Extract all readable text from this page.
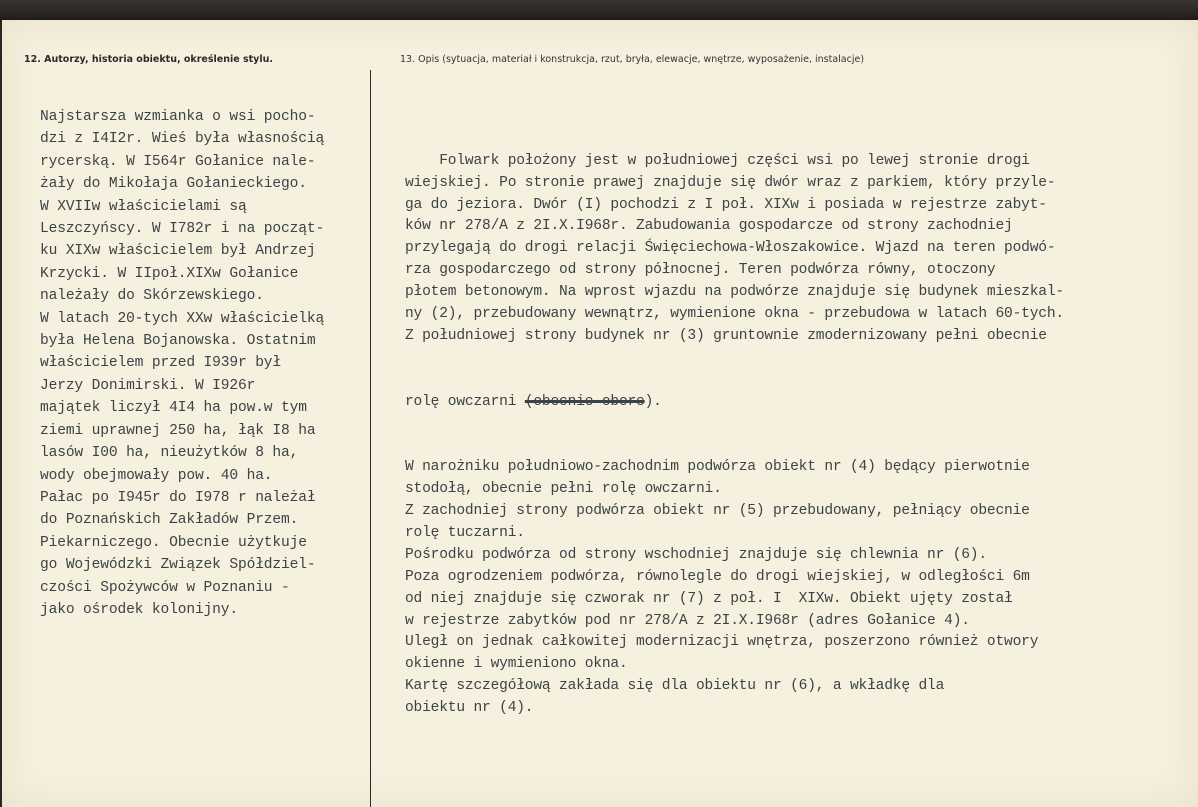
12. Autorzy, historia obiektu, określenie stylu.	13. Opis (sytuacja, materiał i konstrukcja, rzut, bryła, elewacje, wnętrze, wyposażenie, instalacje)
Najstarsza wzmianka o wsi pocho-
dzi z I4I2r. Wieś była własnością
rycerską. W I564r Gołanice nale-
żały do Mikołaja Gołanieckiego.
W XVIIw właścicielami są
Leszczyńscy. W I782r i na począt-
ku XIXw właścicielem był Andrzej
Krzycki. W IIpoł.XIXw Gołanice
należały do Skórzewskiego.
W latach 20-tych XXw właścicielką
była Helena Bojanowska. Ostatnim
właścicielem przed I939r był
Jerzy Donimirski. W I926r
majątek liczył 4I4 ha pow.w tym
ziemi uprawnej 250 ha, łąk I8 ha
lasów I00 ha, nieużytków 8 ha,
wody obejmowały pow. 40 ha.
Pałac po I945r do I978 r należał
do Poznańskich Zakładów Przem.
Piekarniczego. Obecnie użytkuje
go Wojewódzki Związek Spółdziel-
czości Spożywców w Poznaniu -
jako ośrodek kolonijny.

Folwark położony jest w południowej części wsi po lewej stronie drogi
wiejskiej. Po stronie prawej znajduje się dwór wraz z parkiem, który przyle-
ga do jeziora. Dwór (I) pochodzi z I poł. XIXw i posiada w rejestrze zabyt-
ków nr 278/A z 2I.X.I968r. Zabudowania gospodarcze od strony zachodniej
przylegają do drogi relacji Święciechowa-Włoszakowice. Wjazd na teren podwó-
rza gospodarczego od strony północnej. Teren podwórza równy, otoczony
płotem betonowym. Na wprost wjazdu na podwórze znajduje się budynek mieszkal-
ny (2), przebudowany wewnątrz, wymienione okna - przebudowa w latach 60-tych.
Z południowej strony budynek nr (3) gruntownie zmodernizowany pełni obecnie

rolę owczarni (obecnie obore).

W narożniku południowo-zachodnim podwórza obiekt nr (4) będący pierwotnie
stodołą, obecnie pełni rolę owczarni.
Z zachodniej strony podwórza obiekt nr (5) przebudowany, pełniący obecnie
rolę tuczarni.
Pośrodku podwórza od strony wschodniej znajduje się chlewnia nr (6).
Poza ogrodzeniem podwórza, równolegle do drogi wiejskiej, w odległości 6m
od niej znajduje się czworak nr (7) z poł. I  XIXw. Obiekt ujęty został
w rejestrze zabytków pod nr 278/A z 2I.X.I968r (adres Gołanice 4).
Uległ on jednak całkowitej modernizacji wnętrza, poszerzono również otwory
okienne i wymieniono okna.
Kartę szczegółową zakłada się dla obiektu nr (6), a wkładkę dla
obiektu nr (4).
